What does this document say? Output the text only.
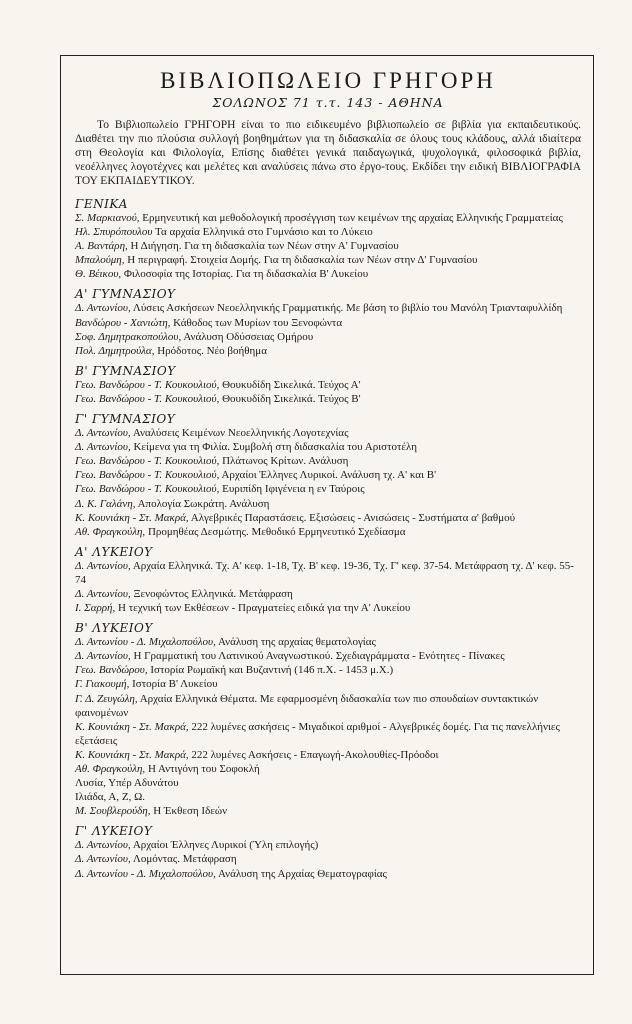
ΒΙΒΛΙΟΠΩΛΕΙΟ ΓΡΗΓΟΡΗ
ΣΟΛΩΝΟΣ 71 τ.τ. 143 - ΑΘΗΝΑ

Το Βιβλιοπωλείο ΓΡΗΓΟΡΗ είναι το πιο ειδικευμένο βιβλιοπωλείο σε βιβλία για εκπαιδευτικούς. Διαθέτει την πιο πλούσια συλλογή βοηθημάτων για τη διδασκαλία σε όλους τους κλάδους, αλλά ιδιαίτερα στη Θεολογία και Φιλολογία, Επίσης διαθέτει γενικά παιδαγωγικά, ψυχολογικά, φιλοσοφικά βιβλία, νεοέλληνες λογοτέχνες και μελέτες και αναλύσεις πάνω στο έργο-τους. Εκδίδει την ειδική ΒΙΒΛΙΟΓΡΑΦΙΑ ΤΟΥ ΕΚΠΑΙΔΕΥΤΙΚΟΥ.

ΓΕΝΙΚΑ

Σ. Μαρκιανού, Ερμηνευτική και μεθοδολογική προσέγγιση των κειμένων της αρχαίας Ελληνικής Γραμματείας

Ηλ. Σπυρόπουλου Τα αρχαία Ελληνικά στο Γυμνάσιο και το Λύκειο

Α. Βαντάρη, Η Διήγηση. Για τη διδασκαλία των Νέων στην Α' Γυμνασίου

Μπαλούμη, Η περιγραφή. Στοιχεία Δομής. Για τη διδασκαλία των Νέων στην Δ' Γυμνασίου

Θ. Βέικου, Φιλοσοφία της Ιστορίας. Για τη διδασκαλία Β' Λυκείου

Α' ΓΥΜΝΑΣΙΟΥ

Δ. Αντωνίου, Λύσεις Ασκήσεων Νεοελληνικής Γραμματικής. Με βάση το βιβλίο του Μανόλη Τριανταφυλλίδη

Βανδώρου - Χανιώτη, Κάθοδος των Μυρίων του Ξενοφώντα

Σοφ. Δημητρακοπούλου, Ανάλυση Οδύσσειας Ομήρου

Πολ. Δημητρούλα, Ηρόδοτος. Νέο βοήθημα

Β' ΓΥΜΝΑΣΙΟΥ

Γεω. Βανδώρου - Τ. Κουκουλιού, Θουκυδίδη Σικελικά. Τεύχος Α'

Γεω. Βανδώρου - Τ. Κουκουλιού, Θουκυδίδη Σικελικά. Τεύχος Β'

Γ' ΓΥΜΝΑΣΙΟΥ

Δ. Αντωνίου, Αναλύσεις Κειμένων Νεοελληνικής Λογοτεχνίας

Δ. Αντωνίου, Κείμενα για τη Φιλία. Συμβολή στη διδασκαλία του Αριστοτέλη

Γεω. Βανδώρου - Τ. Κουκουλιού, Πλάτωνος Κρίτων. Ανάλυση

Γεω. Βανδώρου - Τ. Κουκουλιού, Αρχαίοι Έλληνες Λυρικοί. Ανάλυση τχ. Α' και Β'

Γεω. Βανδώρου - Τ. Κουκουλιού, Ευριπίδη Ιφιγένεια η εν Ταύροις

Δ. Κ. Γαλάνη, Απολογία Σωκράτη. Ανάλυση

Κ. Κουνιάκη - Στ. Μακρά, Αλγεβρικές Παραστάσεις. Εξισώσεις - Ανισώσεις - Συστήματα α' βαθμού

Αθ. Φραγκούλη, Προμηθέας Δεσμώτης. Μεθοδικό Ερμηνευτικό Σχεδίασμα

Α' ΛΥΚΕΙΟΥ

Δ. Αντωνίου, Αρχαία Ελληνικά. Τχ. Α' κεφ. 1-18, Τχ. Β' κεφ. 19-36, Τχ. Γ' κεφ. 37-54. Μετάφραση τχ. Δ' κεφ. 55-74

Δ. Αντωνίου, Ξενοφώντος Ελληνικά. Μετάφραση

Ι. Σαρρή, Η τεχνική των Εκθέσεων - Πραγματείες ειδικά για την Α' Λυκείου

Β' ΛΥΚΕΙΟΥ

Δ. Αντωνίου - Δ. Μιχαλοπούλου, Ανάλυση της αρχαίας θεματολογίας

Δ. Αντωνίου, Η Γραμματική του Λατινικού Αναγνωστικού. Σχεδιαγράμματα - Ενότητες - Πίνακες

Γεω. Βανδώρου, Ιστορία Ρωμαϊκή και Βυζαντινή (146 π.Χ. - 1453 μ.Χ.)

Γ. Γιακουμή, Ιστορία Β' Λυκείου

Γ. Δ. Ζευγώλη, Αρχαία Ελληνικά Θέματα. Με εφαρμοσμένη διδασκαλία των πιο σπουδαίων συντακτικών φαινομένων

Κ. Κουνιάκη - Στ. Μακρά, 222 λυμένες ασκήσεις - Μιγαδικοί αριθμοί - Αλγεβρικές δομές. Για τις πανελλήνιες εξετάσεις

Κ. Κουνιάκη - Στ. Μακρά, 222 λυμένες Ασκήσεις - Επαγωγή-Ακολουθίες-Πρόοδοι

Αθ. Φραγκούλη, Η Αντιγόνη του Σοφοκλή

Λυσία, Υπέρ Αδυνάτου

Ιλιάδα, Α, Ζ, Ω.

Μ. Σουβλερούδη, Η Έκθεση Ιδεών

Γ' ΛΥΚΕΙΟΥ

Δ. Αντωνίου, Αρχαίοι Έλληνες Λυρικοί (Ύλη επιλογής)

Δ. Αντωνίου, Λομόντας. Μετάφραση

Δ. Αντωνίου - Δ. Μιχαλοπούλου, Ανάλυση της Αρχαίας Θεματογραφίας
